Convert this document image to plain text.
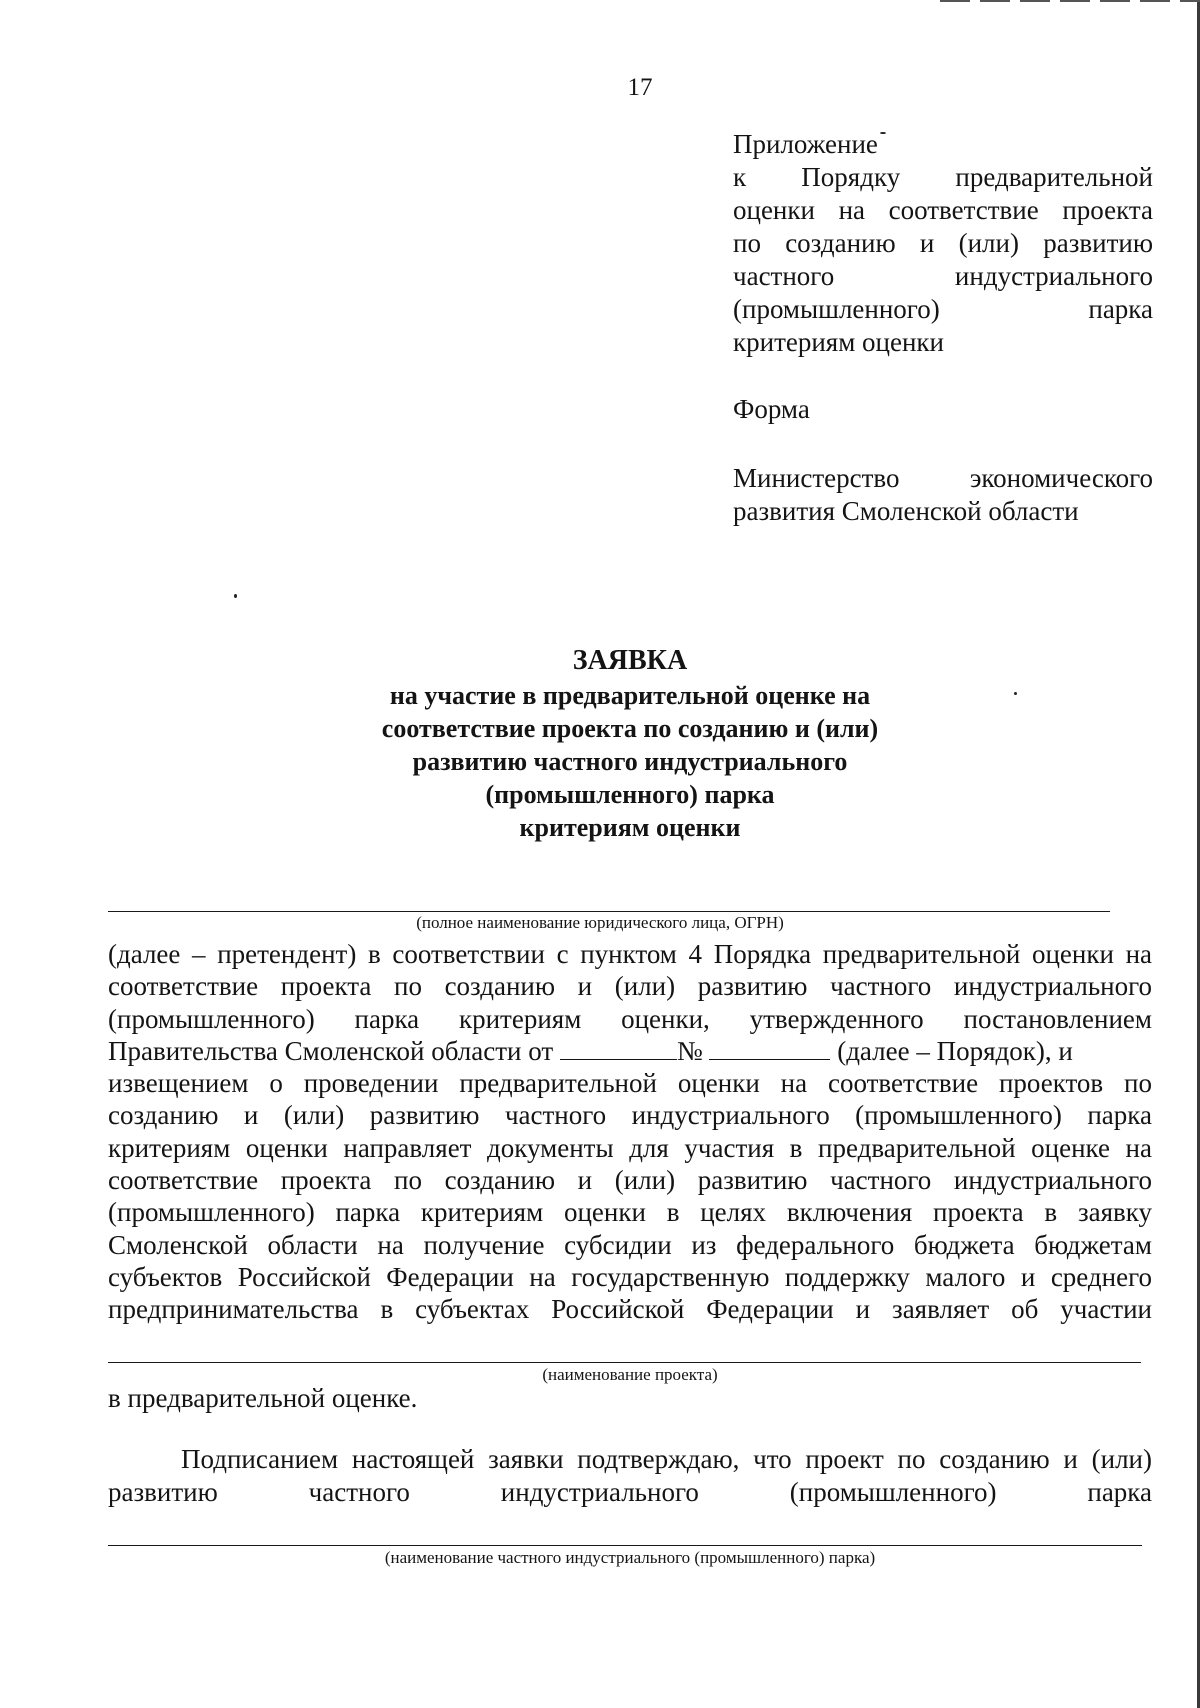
17
Приложение
к Порядку предварительной
оценки на соответствие проекта
по созданию и (или) развитию
частного индустриального
(промышленного) парка
критериям оценки
Форма
Министерство экономического
развития Смоленской области
ЗАЯВКА
на участие в предварительной оценке на
соответствие проекта по созданию и (или)
развитию частного индустриального
(промышленного) парка
критериям оценки
(полное наименование юридического лица, ОГРН)
(далее – претендент) в соответствии с пунктом 4 Порядка предварительной оценки на
соответствие проекта по созданию и (или) развитию частного индустриального
(промышленного) парка критериям оценки, утвержденного постановлением
Правительства Смоленской области от	№	(далее – Порядок), и
извещением о проведении предварительной оценки на соответствие проектов по
созданию и (или) развитию частного индустриального (промышленного) парка
критериям оценки направляет документы для участия в предварительной оценке на
соответствие проекта по созданию и (или) развитию частного индустриального
(промышленного) парка критериям оценки в целях включения проекта в заявку
Смоленской области на получение субсидии из федерального бюджета бюджетам
субъектов Российской Федерации на государственную поддержку малого и среднего
предпринимательства в субъектах Российской Федерации и заявляет об участии
(наименование проекта)
в предварительной оценке.
Подписанием настоящей заявки подтверждаю, что проект по созданию и (или)
развитию частного индустриального (промышленного) парка
(наименование частного индустриального (промышленного) парка)
